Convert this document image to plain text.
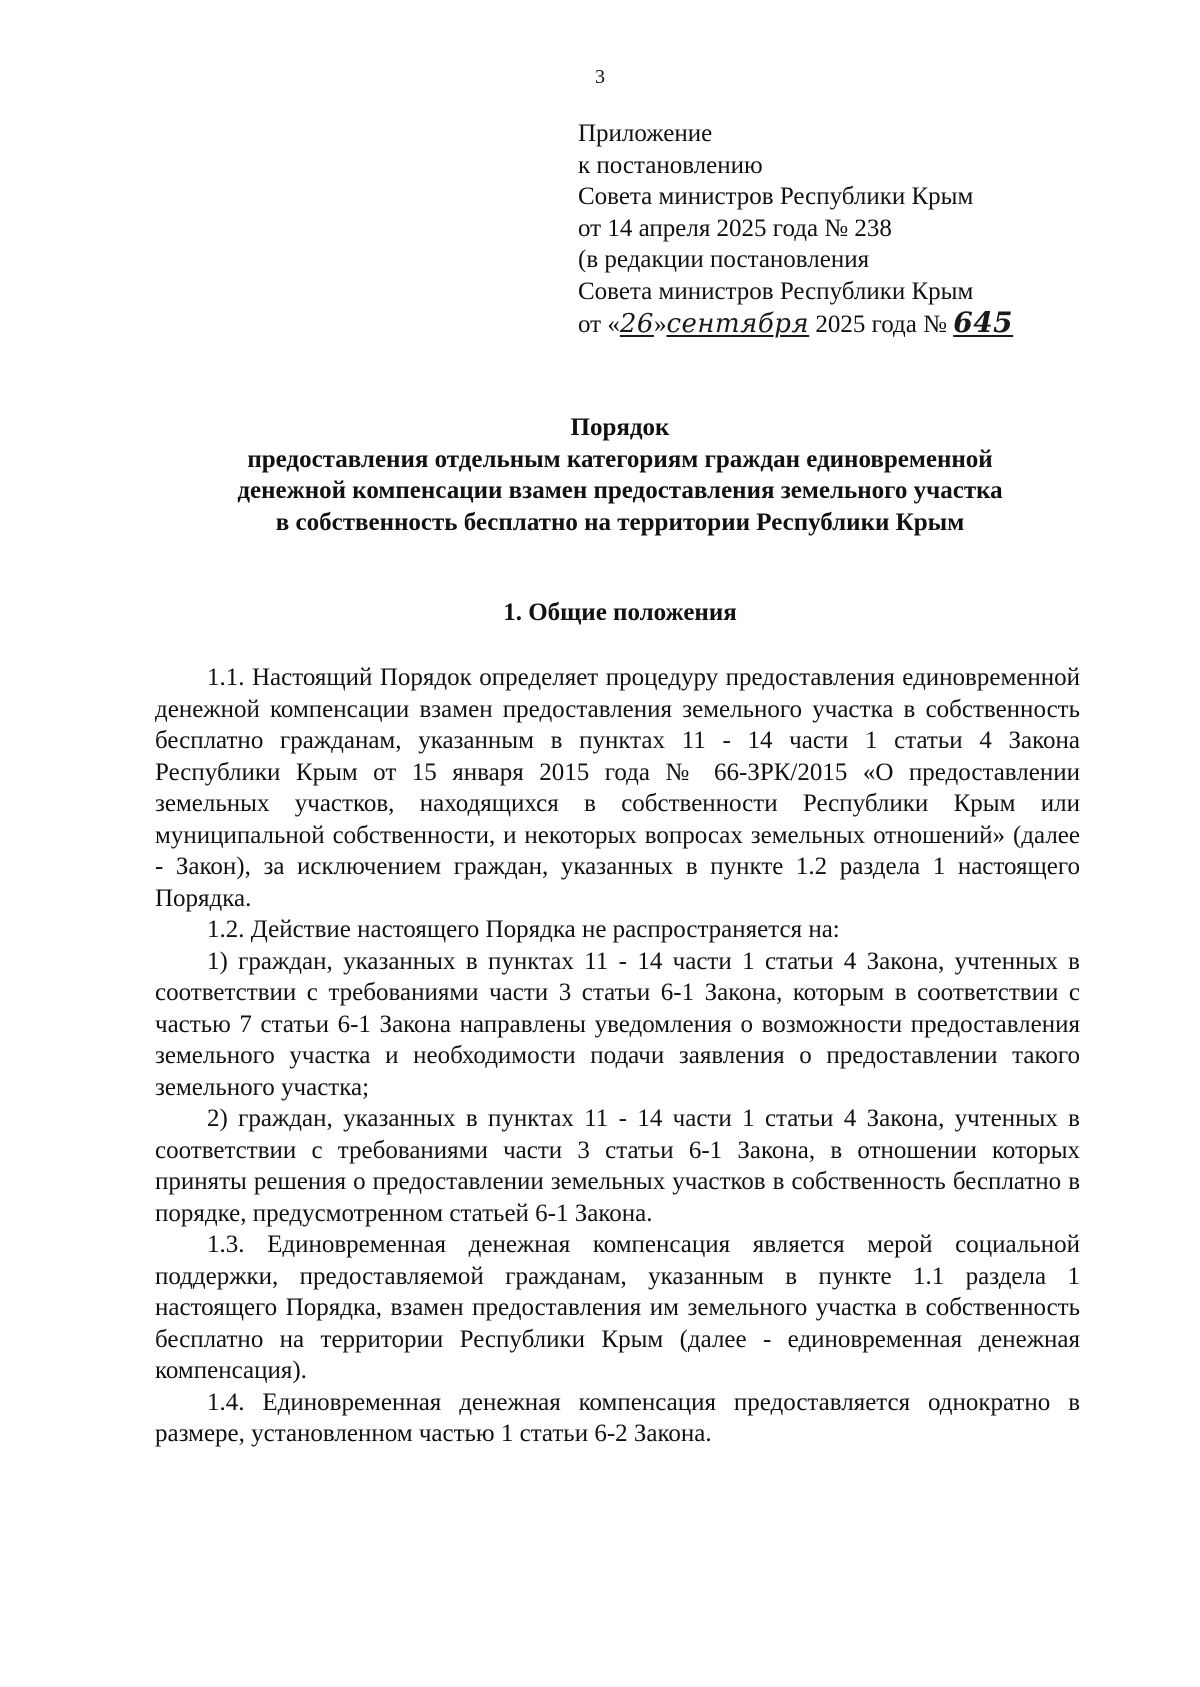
3
Приложение
к постановлению
Совета министров Республики Крым
от 14 апреля 2025 года № 238
(в редакции постановления
Совета министров Республики Крым
от «26»сентября 2025 года № 645
Порядок
предоставления отдельным категориям граждан единовременной
денежной компенсации взамен предоставления земельного участка
в собственность бесплатно на территории Республики Крым
1. Общие положения

1.1. Настоящий Порядок определяет процедуру предоставления единовременной денежной компенсации взамен предоставления земельного участка в собственность бесплатно гражданам, указанным в пунктах 11 - 14 части 1 статьи 4 Закона Республики Крым от 15 января 2015 года № 66-ЗРК/2015 «О предоставлении земельных участков, находящихся в собственности Республики Крым или муниципальной собственности, и некоторых вопросах земельных отношений» (далее - Закон), за исключением граждан, указанных в пункте 1.2 раздела 1 настоящего Порядка.

1.2. Действие настоящего Порядка не распространяется на:

1) граждан, указанных в пунктах 11 - 14 части 1 статьи 4 Закона, учтенных в соответствии с требованиями части 3 статьи 6-1 Закона, которым в соответствии с частью 7 статьи 6-1 Закона направлены уведомления о возможности предоставления земельного участка и необходимости подачи заявления о предоставлении такого земельного участка;

2) граждан, указанных в пунктах 11 - 14 части 1 статьи 4 Закона, учтенных в соответствии с требованиями части 3 статьи 6-1 Закона, в отношении которых приняты решения о предоставлении земельных участков в собственность бесплатно в порядке, предусмотренном статьей 6-1 Закона.

1.3. Единовременная денежная компенсация является мерой социальной поддержки, предоставляемой гражданам, указанным в пункте 1.1 раздела 1 настоящего Порядка, взамен предоставления им земельного участка в собственность бесплатно на территории Республики Крым (далее - единовременная денежная компенсация).

1.4. Единовременная денежная компенсация предоставляется однократно в размере, установленном частью 1 статьи 6-2 Закона.
